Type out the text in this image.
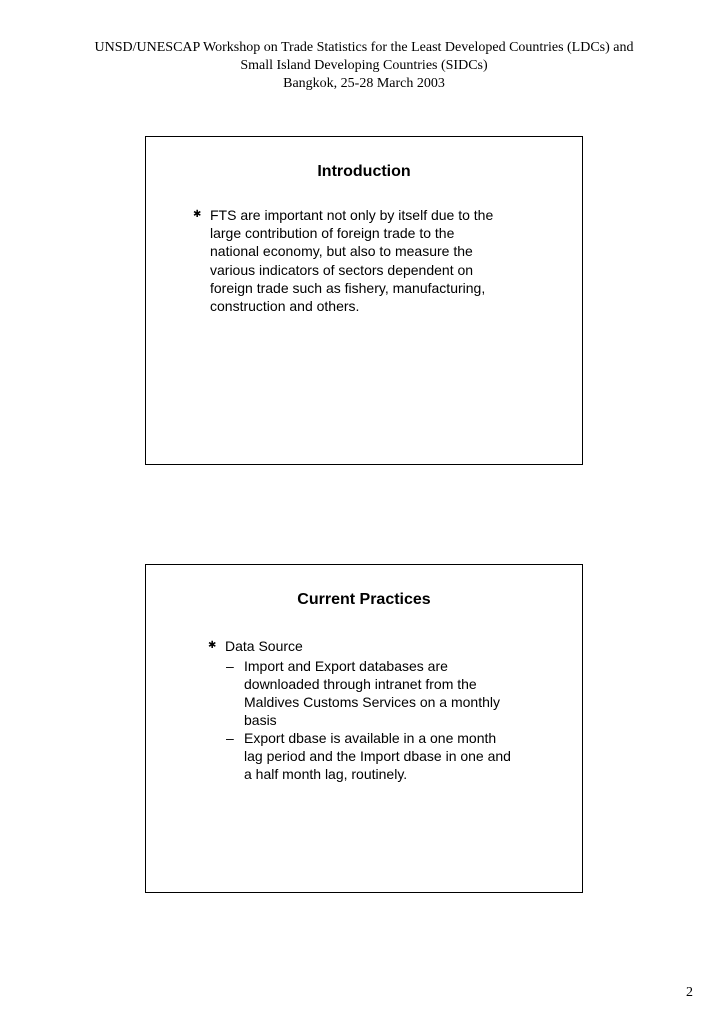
UNSD/UNESCAP Workshop on Trade Statistics for the Least Developed Countries (LDCs) and
Small Island Developing Countries (SIDCs)
Bangkok, 25-28 March 2003
Introduction
✱ FTS are important not only by itself due to the
large contribution of foreign trade to the
national economy, but also to measure the
various indicators of sectors dependent on
foreign trade such as fishery, manufacturing,
construction and others.
Current Practices
✱ Data Source
– Import and Export databases are
downloaded through intranet from the
Maldives Customs Services on a monthly
basis
– Export dbase is available in a one month
lag period and the Import dbase in one and
a half month lag, routinely.
2
